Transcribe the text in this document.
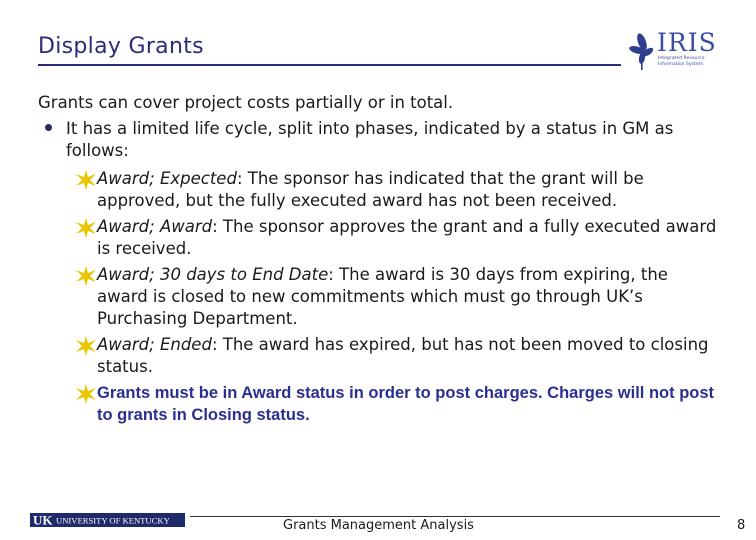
Display Grants	IRIS
Integrated Resource Information System

Grants can cover project costs partially or in total.

It has a limited life cycle, split into phases, indicated by a status in GM as follows:
Award; Expected: The sponsor has indicated that the grant will be approved, but the fully executed award has not been received.
Award; Award: The sponsor approves the grant and a fully executed award is received.
Award; 30 days to End Date: The award is 30 days from expiring, the award is closed to new commitments which must go through UK’s Purchasing Department.
Award; Ended: The award has expired, but has not been moved to closing status.
Grants must be in Award status in order to post charges. Charges will not post to grants in Closing status.
UK UNIVERSITY OF KENTUCKY	Grants Management Analysis	8
